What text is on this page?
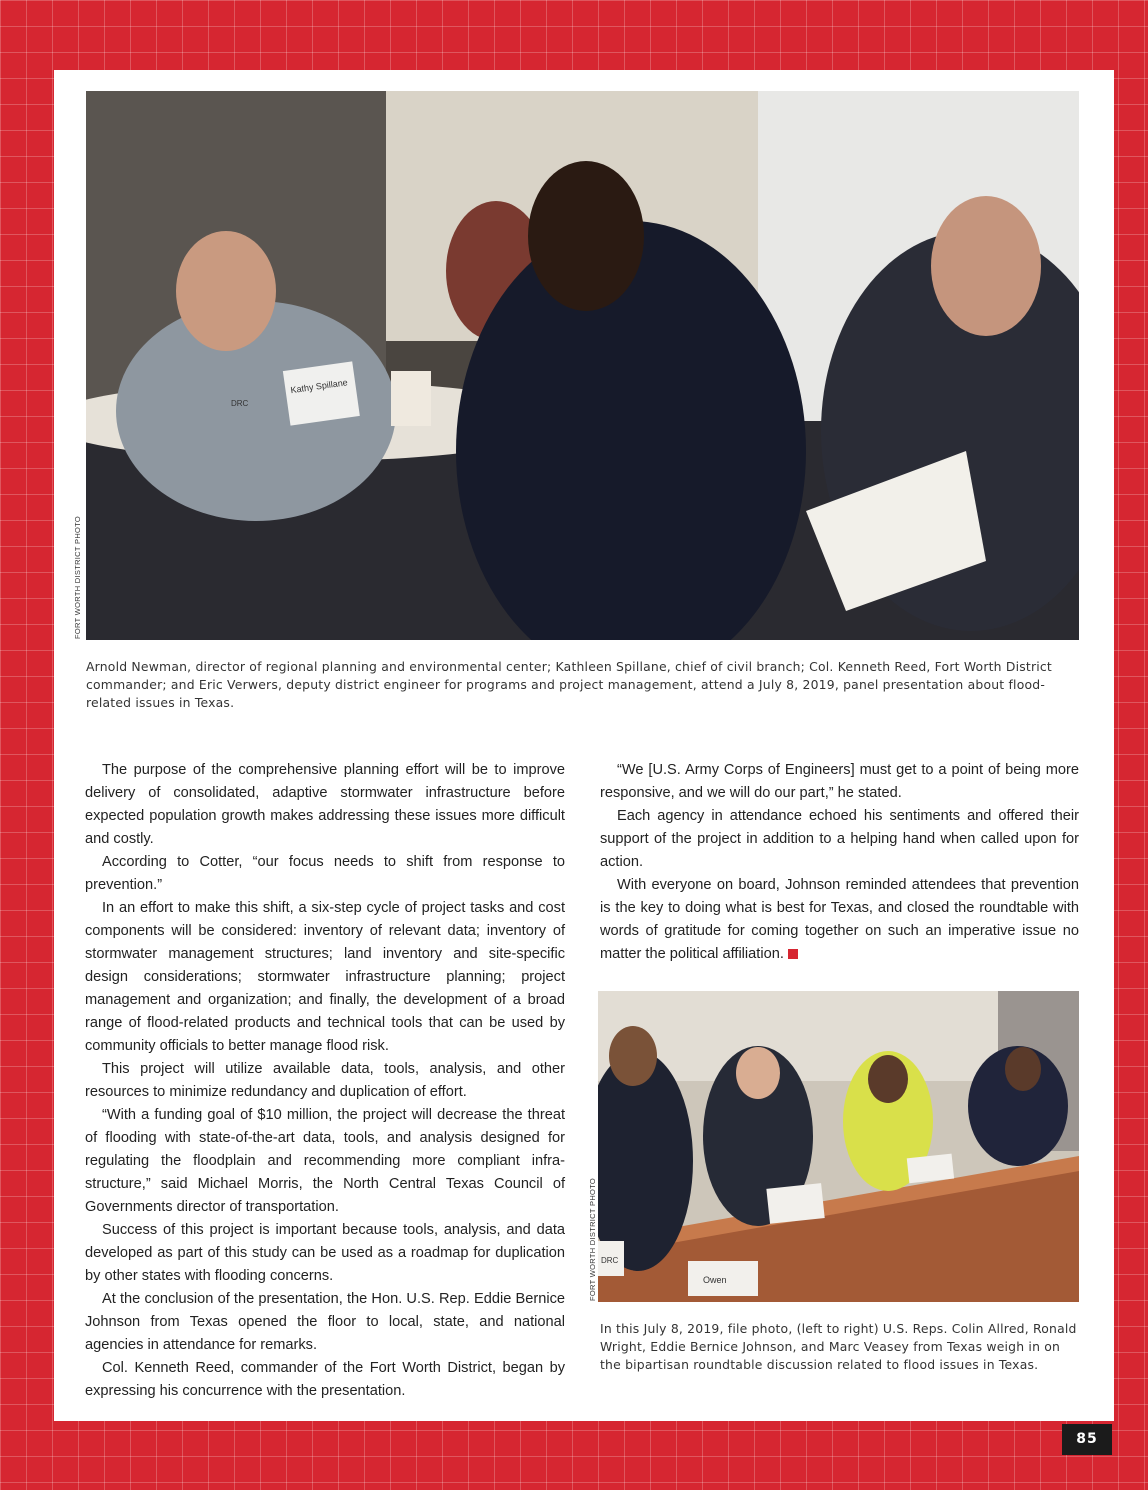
Kathy Spillane
DRC
FORT WORTH DISTRICT PHOTO

Arnold Newman, director of regional planning and environmental center; Kathleen Spillane, chief of civil branch; Col. Kenneth Reed, Fort Worth District commander; and Eric Verwers, deputy district engineer for programs and project management, attend a July 8, 2019, panel presentation about flood-related issues in Texas.

The purpose of the comprehensive planning effort will be to improve delivery of consolidated, adaptive stormwater infrastructure before expected population growth makes addressing these issues more difficult and costly.

According to Cotter, “our focus needs to shift from response to prevention.”

In an effort to make this shift, a six-step cycle of project tasks and cost components will be considered: inventory of relevant data; inventory of stormwater management structures; land inventory and site-specific design considerations; stormwater infrastructure planning; project management and organization; and finally, the development of a broad range of flood-related products and technical tools that can be used by community officials to better manage flood risk.

This project will utilize available data, tools, analysis, and other resources to minimize redundancy and duplication of effort.

“With a funding goal of $10 million, the project will decrease the threat of flooding with state-of-the-art data, tools, and analysis designed for regulating the floodplain and recommending more compliant infrastructure,” said Michael Morris, the North Central Texas Council of Governments director of transportation.

Success of this project is important because tools, analysis, and data developed as part of this study can be used as a roadmap for duplication by other states with flooding concerns.

At the conclusion of the presentation, the Hon. U.S. Rep. Eddie Bernice Johnson from Texas opened the floor to local, state, and national agencies in attendance for remarks.

Col. Kenneth Reed, commander of the Fort Worth District, began by expressing his concurrence with the presentation.

“We [U.S. Army Corps of Engineers] must get to a point of being more responsive, and we will do our part,” he stated.

Each agency in attendance echoed his sentiments and offered their support of the project in addition to a helping hand when called upon for action.

With everyone on board, Johnson reminded attendees that prevention is the key to doing what is best for Texas, and closed the roundtable with words of gratitude for coming together on such an imperative issue no matter the political affiliation.

Owen
DRC
FORT WORTH DISTRICT PHOTO

In this July 8, 2019, file photo, (left to right) U.S. Reps. Colin Allred, Ronald Wright, Eddie Bernice Johnson, and Marc Veasey from Texas weigh in on the bipartisan roundtable discussion related to flood issues in Texas.

85
